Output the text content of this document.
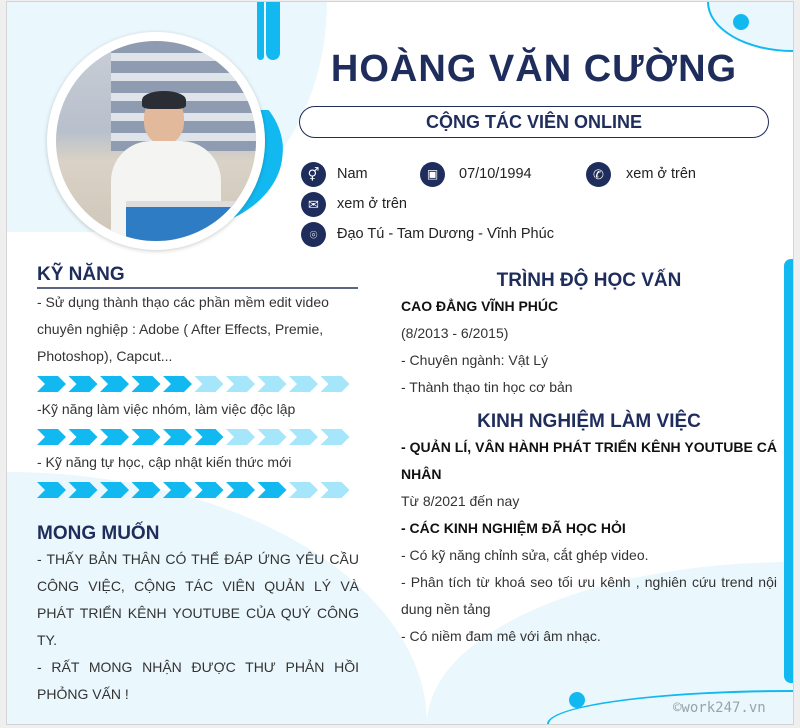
HOÀNG VĂN CƯỜNG
CỘNG TÁC VIÊN ONLINE
⚥	Nam	▣	07/10/1994	✆	xem ở trên
✉	xem ở trên
⌾	Đạo Tú - Tam Dương - Vĩnh Phúc
KỸ NĂNG
- Sử dụng thành thạo các phần mềm edit video chuyên nghiệp : Adobe ( After Effects, Premie, Photoshop), Capcut...
-Kỹ năng làm việc nhóm, làm việc độc lập
- Kỹ năng tự học, cập nhật kiến thức mới
MONG MUỐN
- THẤY BẢN THÂN CÓ THỂ ĐÁP ỨNG YÊU CẦU CÔNG VIỆC, CỘNG TÁC VIÊN QUẢN LÝ VÀ PHÁT TRIỂN KÊNH YOUTUBE CỦA QUÝ CÔNG TY.
- RẤT MONG NHẬN ĐƯỢC THƯ PHẢN HỒI PHỎNG VẤN !
TRÌNH ĐỘ HỌC VẤN
CAO ĐẲNG VĨNH PHÚC
(8/2013 - 6/2015)
- Chuyên ngành: Vật Lý
- Thành thạo tin học cơ bản
KINH NGHIỆM LÀM VIỆC
- QUẢN LÍ, VÂN HÀNH PHÁT TRIỂN KÊNH YOUTUBE CÁ NHÂN
Từ 8/2021 đến nay
- CÁC KINH NGHIỆM ĐÃ HỌC HỎI
- Có kỹ năng chỉnh sửa, cắt ghép video.
- Phân tích từ khoá seo tối ưu kênh , nghiên cứu trend nội dung nền tảng
- Có niềm đam mê với âm nhạc.
©work247.vn
